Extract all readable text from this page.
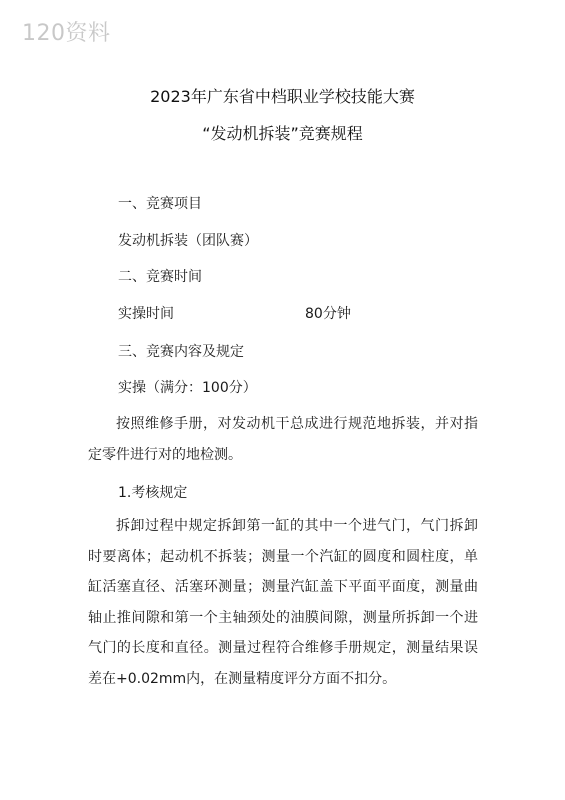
120资料
2023年广东省中档职业学校技能大赛
“发动机拆装”竞赛规程
一、竞赛项目
发动机拆装（团队赛）
二、竞赛时间
实操时间	80分钟
三、竞赛内容及规定
实操（满分：100分）
按照维修手册，对发动机干总成进行规范地拆装，并对指定零件进行对的地检测。
1.考核规定
拆卸过程中规定拆卸第一缸的其中一个进气门，气门拆卸时要离体；起动机不拆装；测量一个汽缸的圆度和圆柱度，单缸活塞直径、活塞环测量；测量汽缸盖下平面平面度，测量曲轴止推间隙和第一个主轴颈处的油膜间隙，测量所拆卸一个进气门的长度和直径。测量过程符合维修手册规定，测量结果误差在+0.02mm内，在测量精度评分方面不扣分。
